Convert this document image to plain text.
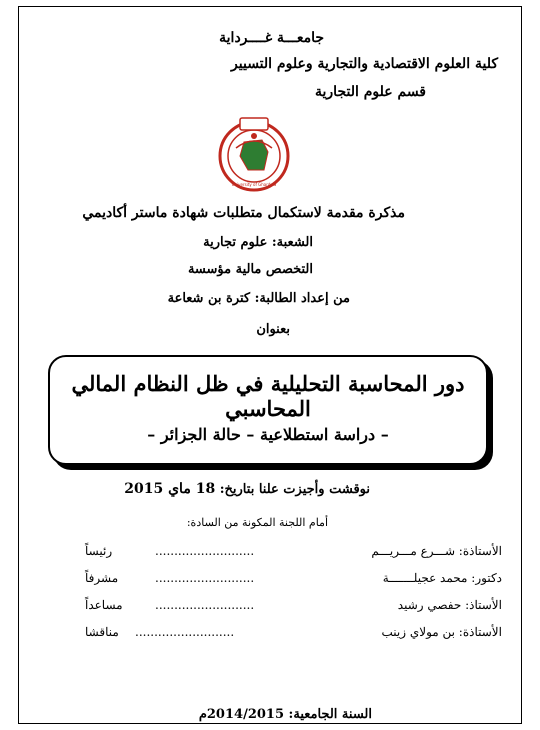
جامعـــة غــــرداية
كلية العلوم الاقتصادية والتجارية وعلوم التسيير
قسم علوم التجارية
University of Ghardaia
مذكرة مقدمة لاستكمال متطلبات شهادة ماستر أكاديمي
الشعبة: علوم تجارية
التخصص مالية مؤسسة
من إعداد الطالبة: كترة بن شعاعة
بعنوان
دور المحاسبة التحليلية في ظل النظام المالي المحاسبي
– دراسة استطلاعية – حالة الجزائر –
نوقشت وأجيزت علنا بتاريخ: 18 ماي 2015
أمام اللجنة المكونة من السادة:
الأستاذة: شـــرع مـــريـــم
..........................
رئيساً
دكتور: محمد عجيلـــــــة
..........................
مشرفاً
الأستاذ: حفصي رشيد
..........................
مساعداً
الأستاذة: بن مولاي زينب
..........................
مناقشا
السنة الجامعية: 2014/2015م
